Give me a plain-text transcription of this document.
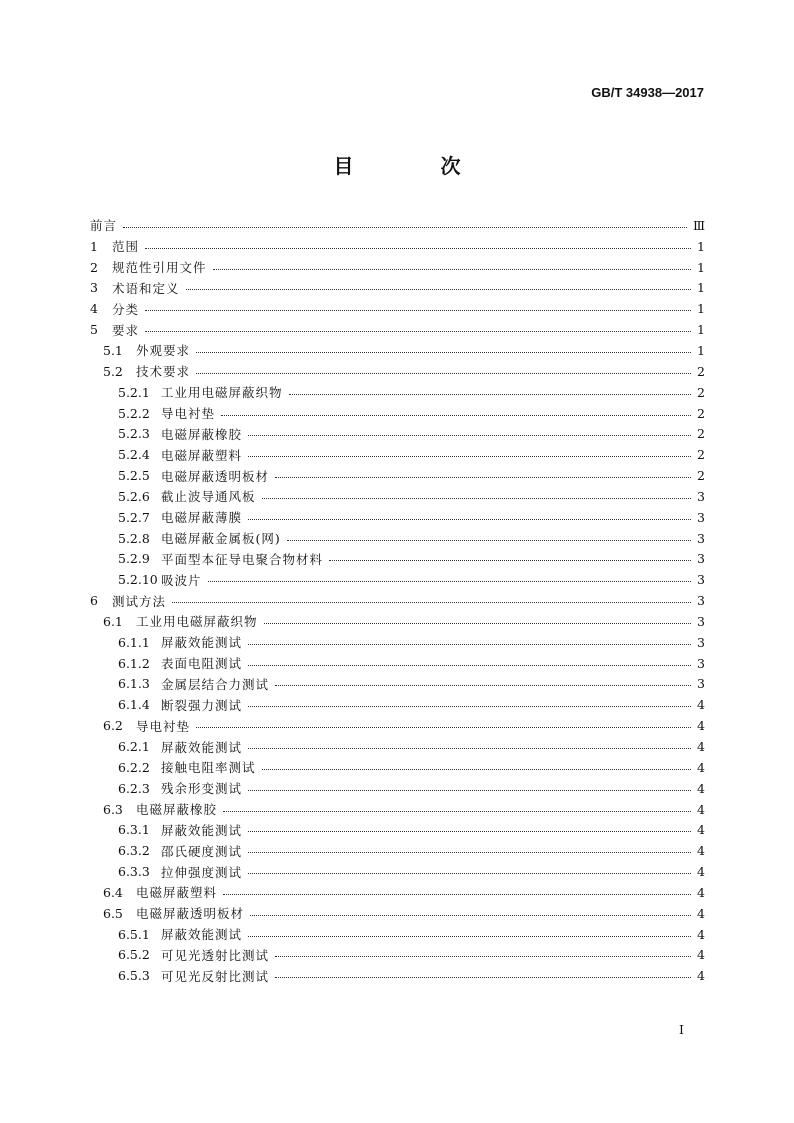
GB/T 34938—2017
目 次
前言	Ⅲ
1	范围	1
2	规范性引用文件	1
3	术语和定义	1
4	分类	1
5	要求	1
5.1	外观要求	1
5.2	技术要求	2
5.2.1 工业用电磁屏蔽织物	2
5.2.2 导电衬垫	2
5.2.3 电磁屏蔽橡胶	2
5.2.4 电磁屏蔽塑料	2
5.2.5 电磁屏蔽透明板材	2
5.2.6 截止波导通风板	3
5.2.7 电磁屏蔽薄膜	3
5.2.8 电磁屏蔽金属板(网)	3
5.2.9 平面型本征导电聚合物材料	3
5.2.10 吸波片	3
6	测试方法	3
6.1	工业用电磁屏蔽织物	3
6.1.1 屏蔽效能测试	3
6.1.2 表面电阻测试	3
6.1.3 金属层结合力测试	3
6.1.4 断裂强力测试	4
6.2	导电衬垫	4
6.2.1 屏蔽效能测试	4
6.2.2 接触电阻率测试	4
6.2.3 残余形变测试	4
6.3	电磁屏蔽橡胶	4
6.3.1 屏蔽效能测试	4
6.3.2 邵氏硬度测试	4
6.3.3 拉伸强度测试	4
6.4	电磁屏蔽塑料	4
6.5	电磁屏蔽透明板材	4
6.5.1 屏蔽效能测试	4
6.5.2 可见光透射比测试	4
6.5.3 可见光反射比测试	4
I
